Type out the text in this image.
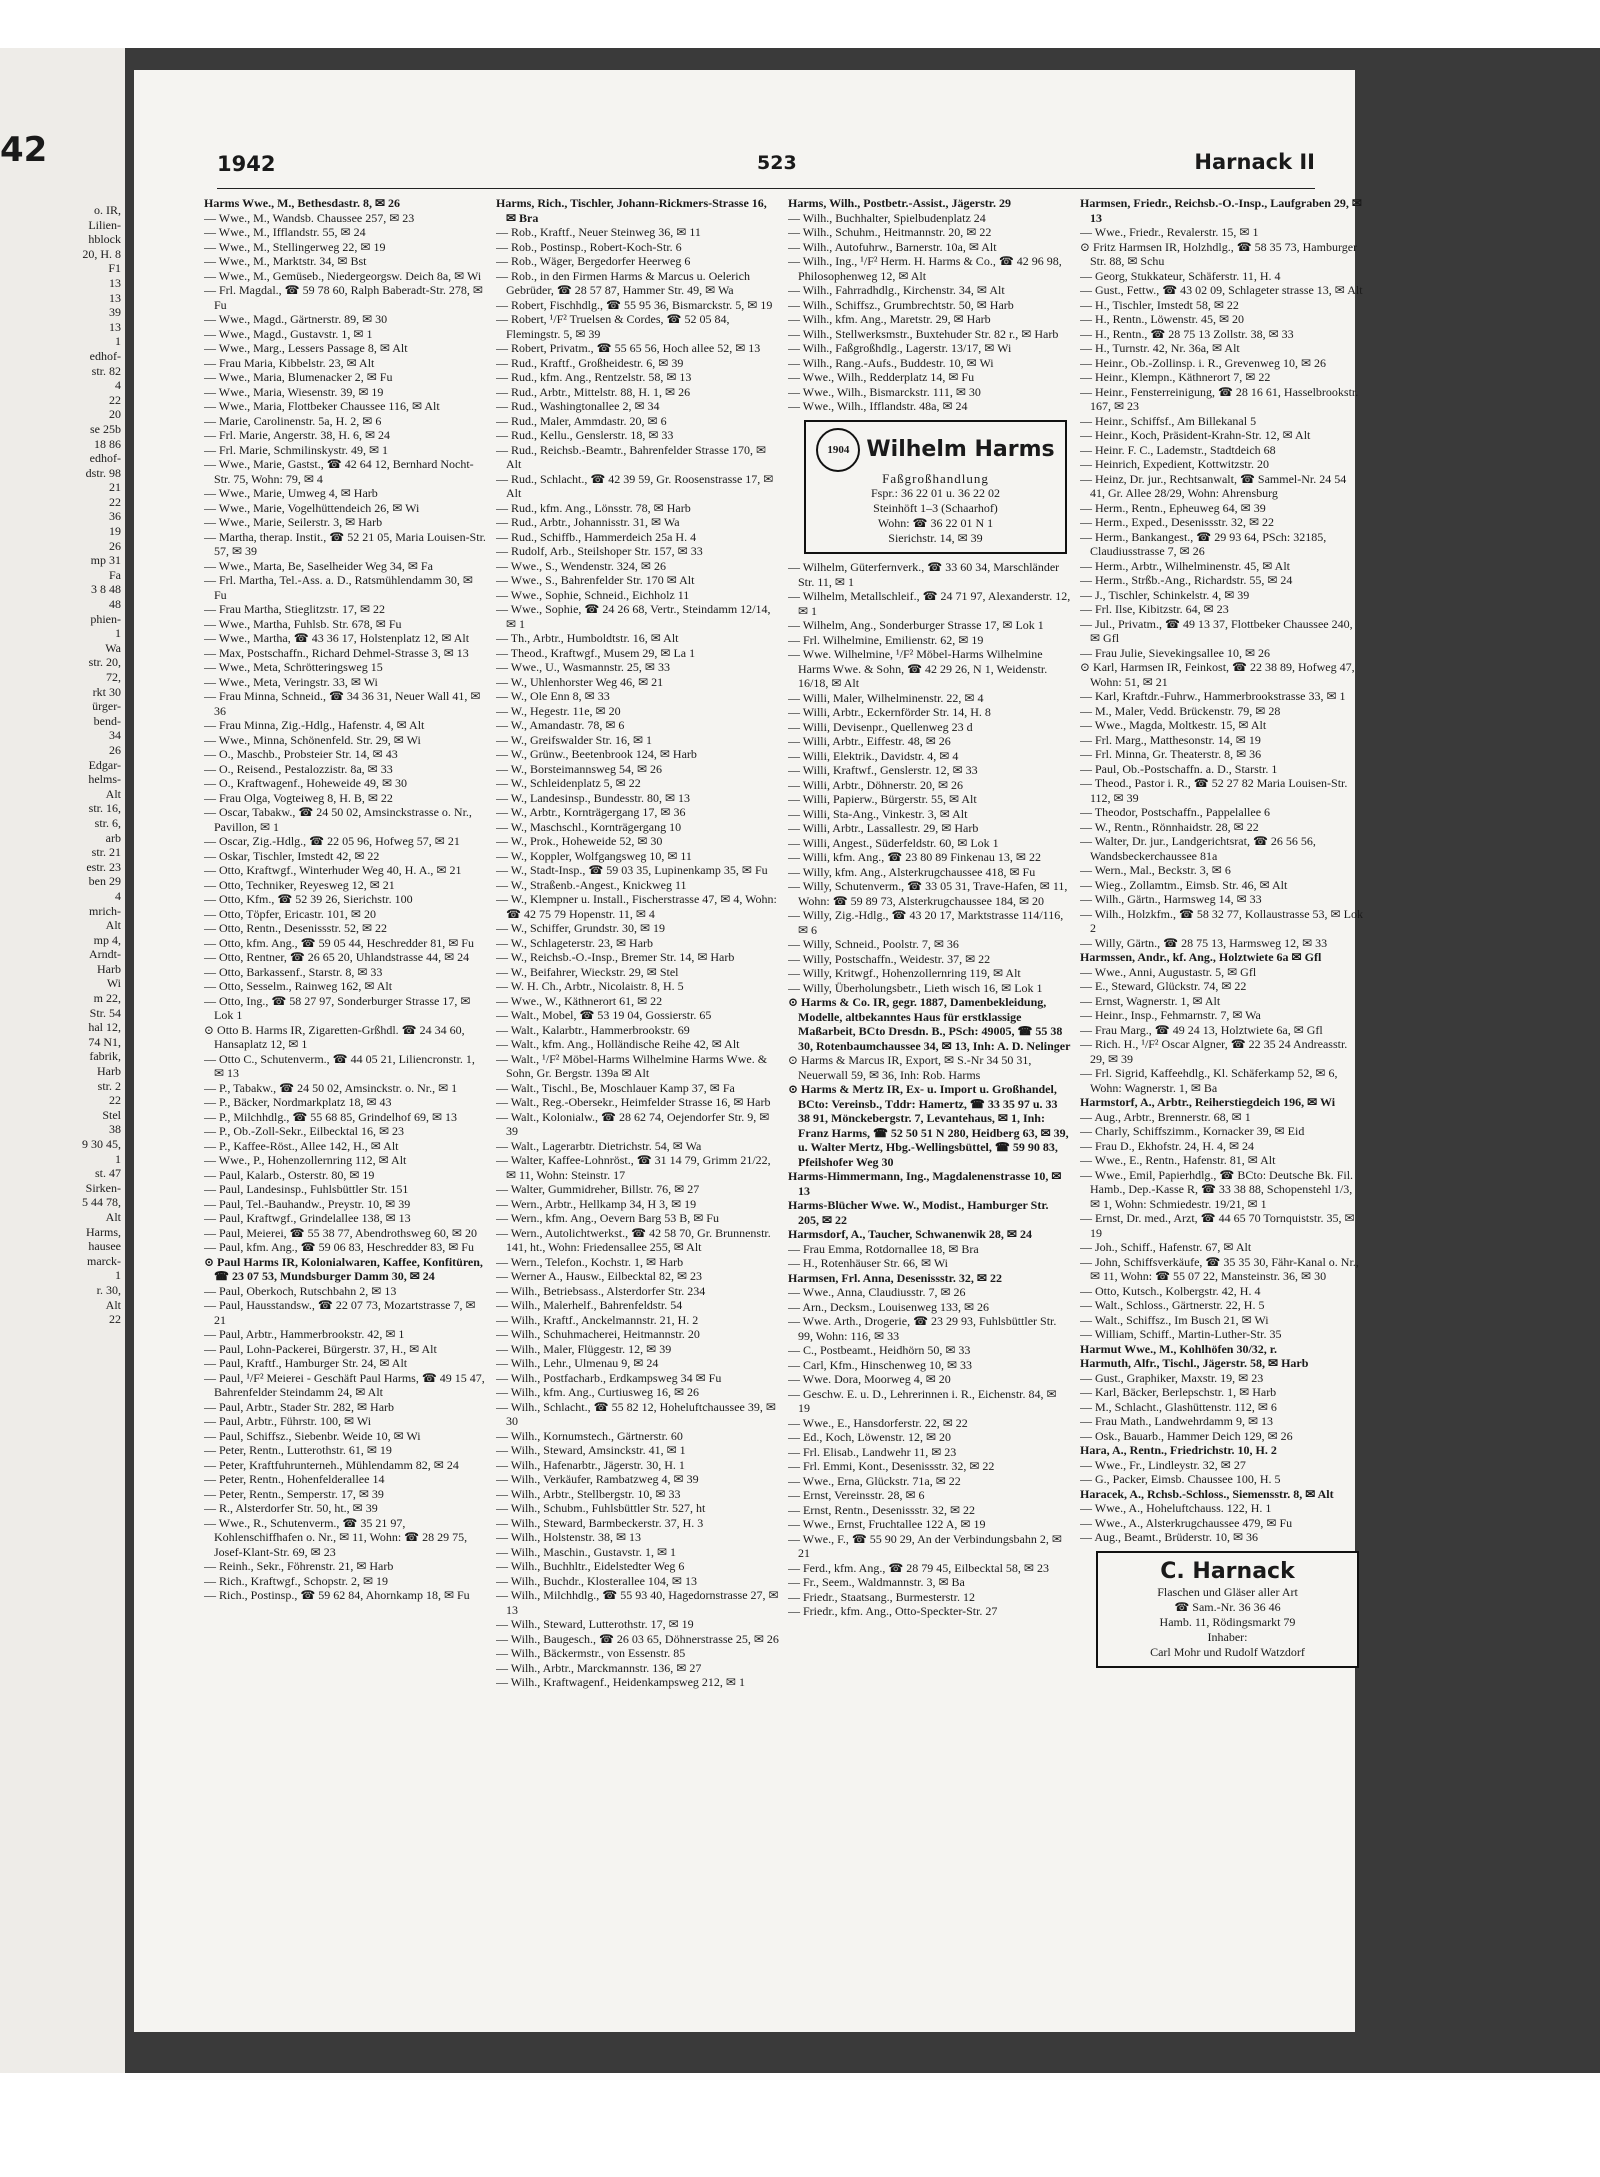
42
o. IR,
Lilien-
hblock
20, H. 8
F1
13
13
39
13
1
edhof-
str. 82
4
22
20
se 25b
18 86
edhof-
dstr. 98
21
22
36
19
26
mp 31
Fa
3 8 48
48
phien-
1
Wa
str. 20,
72,
rkt 30
ürger-
bend-
34
26
Edgar-
helms-
Alt
str. 16,
str. 6,
arb
str. 21
estr. 23
ben 29
4
mrich-
Alt
mp 4,
Arndt-
Harb
Wi
m 22,
Str. 54
hal 12,
74 N1,
fabrik,
Harb
str. 2
22
Stel
38
9 30 45,
1
st. 47
Sirken-
5 44 78,
Alt
Harms,
hausee
marck-
1
r. 30,
Alt
22
1942	523	Harnack II

Harms Wwe., M., Bethesdastr. 8, ✉ 26

— Wwe., M., Wandsb. Chaussee 257, ✉ 23

— Wwe., M., Ifflandstr. 55, ✉ 24

— Wwe., M., Stellingerweg 22, ✉ 19

— Wwe., M., Marktstr. 34, ✉ Bst

— Wwe., M., Gemüseb., Niedergeorgsw. Deich 8a, ✉ Wi

— Frl. Magdal., ☎ 59 78 60, Ralph Baberadt-Str. 278, ✉ Fu

— Wwe., Magd., Gärtnerstr. 89, ✉ 30

— Wwe., Magd., Gustavstr. 1, ✉ 1

— Wwe., Marg., Lessers Passage 8, ✉ Alt

— Frau Maria, Kibbelstr. 23, ✉ Alt

— Wwe., Maria, Blumenacker 2, ✉ Fu

— Wwe., Maria, Wiesenstr. 39, ✉ 19

— Wwe., Maria, Flottbeker Chaussee 116, ✉ Alt

— Marie, Carolinenstr. 5a, H. 2, ✉ 6

— Frl. Marie, Angerstr. 38, H. 6, ✉ 24

— Frl. Marie, Schmilinskystr. 49, ✉ 1

— Wwe., Marie, Gastst., ☎ 42 64 12, Bernhard Nocht-Str. 75, Wohn: 79, ✉ 4

— Wwe., Marie, Umweg 4, ✉ Harb

— Wwe., Marie, Vogelhüttendeich 26, ✉ Wi

— Wwe., Marie, Seilerstr. 3, ✉ Harb

— Martha, therap. Instit., ☎ 52 21 05, Maria Louisen-Str. 57, ✉ 39

— Wwe., Marta, Be, Saselheider Weg 34, ✉ Fa

— Frl. Martha, Tel.-Ass. a. D., Ratsmühlendamm 30, ✉ Fu

— Frau Martha, Stieglitzstr. 17, ✉ 22

— Wwe., Martha, Fuhlsb. Str. 678, ✉ Fu

— Wwe., Martha, ☎ 43 36 17, Holstenplatz 12, ✉ Alt

— Max, Postschaffn., Richard Dehmel-Strasse 3, ✉ 13

— Wwe., Meta, Schrötteringsweg 15

— Wwe., Meta, Veringstr. 33, ✉ Wi

— Frau Minna, Schneid., ☎ 34 36 31, Neuer Wall 41, ✉ 36

— Frau Minna, Zig.-Hdlg., Hafenstr. 4, ✉ Alt

— Wwe., Minna, Schönenfeld. Str. 29, ✉ Wi

— O., Maschb., Probsteier Str. 14, ✉ 43

— O., Reisend., Pestalozzistr. 8a, ✉ 33

— O., Kraftwagenf., Hoheweide 49, ✉ 30

— Frau Olga, Vogteiweg 8, H. B, ✉ 22

— Oscar, Tabakw., ☎ 24 50 02, Amsinckstrasse o. Nr., Pavillon, ✉ 1

— Oscar, Zig.-Hdlg., ☎ 22 05 96, Hofweg 57, ✉ 21

— Oskar, Tischler, Imstedt 42, ✉ 22

— Otto, Kraftwgf., Winterhuder Weg 40, H. A., ✉ 21

— Otto, Techniker, Reyesweg 12, ✉ 21

— Otto, Kfm., ☎ 52 39 26, Sierichstr. 100

— Otto, Töpfer, Ericastr. 101, ✉ 20

— Otto, Rentn., Desenissstr. 52, ✉ 22

— Otto, kfm. Ang., ☎ 59 05 44, Heschredder 81, ✉ Fu

— Otto, Rentner, ☎ 26 65 20, Uhlandstrasse 44, ✉ 24

— Otto, Barkassenf., Starstr. 8, ✉ 33

— Otto, Sesselm., Rainweg 162, ✉ Alt

— Otto, Ing., ☎ 58 27 97, Sonderburger Strasse 17, ✉ Lok 1

⊙ Otto B. Harms IR, Zigaretten-Grßhdl. ☎ 24 34 60, Hansaplatz 12, ✉ 1

— Otto C., Schutenverm., ☎ 44 05 21, Liliencronstr. 1, ✉ 13

— P., Tabakw., ☎ 24 50 02, Amsinckstr. o. Nr., ✉ 1

— P., Bäcker, Nordmarkplatz 18, ✉ 43

— P., Milchhdlg., ☎ 55 68 85, Grindelhof 69, ✉ 13

— P., Ob.-Zoll-Sekr., Eilbecktal 16, ✉ 23

— P., Kaffee-Röst., Allee 142, H., ✉ Alt

— Wwe., P., Hohenzollernring 112, ✉ Alt

— Paul, Kalarb., Osterstr. 80, ✉ 19

— Paul, Landesinsp., Fuhlsbüttler Str. 151

— Paul, Tel.-Bauhandw., Preystr. 10, ✉ 39

— Paul, Kraftwgf., Grindelallee 138, ✉ 13

— Paul, Meierei, ☎ 55 38 77, Abendrothsweg 60, ✉ 20

— Paul, kfm. Ang., ☎ 59 06 83, Heschredder 83, ✉ Fu

⊙ Paul Harms IR, Kolonialwaren, Kaffee, Konfitüren, ☎ 23 07 53, Mundsburger Damm 30, ✉ 24

— Paul, Oberkoch, Rutschbahn 2, ✉ 13

— Paul, Hausstandsw., ☎ 22 07 73, Mozartstrasse 7, ✉ 21

— Paul, Arbtr., Hammerbrookstr. 42, ✉ 1

— Paul, Lohn-Packerei, Bürgerstr. 37, H., ✉ Alt

— Paul, Kraftf., Hamburger Str. 24, ✉ Alt

— Paul, ¹/F² Meierei - Geschäft Paul Harms, ☎ 49 15 47, Bahrenfelder Steindamm 24, ✉ Alt

— Paul, Arbtr., Stader Str. 282, ✉ Harb

— Paul, Arbtr., Führstr. 100, ✉ Wi

— Paul, Schiffsz., Siebenbr. Weide 10, ✉ Wi

— Peter, Rentn., Lutterothstr. 61, ✉ 19

— Peter, Kraftfuhrunterneh., Mühlendamm 82, ✉ 24

— Peter, Rentn., Hohenfelderallee 14

— Peter, Rentn., Semperstr. 17, ✉ 39

— R., Alsterdorfer Str. 50, ht., ✉ 39

— Wwe., R., Schutenverm., ☎ 35 21 97, Kohlenschiffhafen o. Nr., ✉ 11, Wohn: ☎ 28 29 75, Josef-Klant-Str. 69, ✉ 23

— Reinh., Sekr., Föhrenstr. 21, ✉ Harb

— Rich., Kraftwgf., Schopstr. 2, ✉ 19

— Rich., Postinsp., ☎ 59 62 84, Ahornkamp 18, ✉ Fu

Harms, Rich., Tischler, Johann-Rickmers-Strasse 16, ✉ Bra

— Rob., Kraftf., Neuer Steinweg 36, ✉ 11

— Rob., Postinsp., Robert-Koch-Str. 6

— Rob., Wäger, Bergedorfer Heerweg 6

— Rob., in den Firmen Harms & Marcus u. Oelerich Gebrüder, ☎ 28 57 87, Hammer Str. 49, ✉ Wa

— Robert, Fischhdlg., ☎ 55 95 36, Bismarckstr. 5, ✉ 19

— Robert, ¹/F² Truelsen & Cordes, ☎ 52 05 84, Flemingstr. 5, ✉ 39

— Robert, Privatm., ☎ 55 65 56, Hoch allee 52, ✉ 13

— Rud., Kraftf., Großheidestr. 6, ✉ 39

— Rud., kfm. Ang., Rentzelstr. 58, ✉ 13

— Rud., Arbtr., Mittelstr. 88, H. 1, ✉ 26

— Rud., Washingtonallee 2, ✉ 34

— Rud., Maler, Ammdastr. 20, ✉ 6

— Rud., Kellu., Genslerstr. 18, ✉ 33

— Rud., Reichsb.-Beamtr., Bahrenfelder Strasse 170, ✉ Alt

— Rud., Schlacht., ☎ 42 39 59, Gr. Roosenstrasse 17, ✉ Alt

— Rud., kfm. Ang., Lönsstr. 78, ✉ Harb

— Rud., Arbtr., Johannisstr. 31, ✉ Wa

— Rud., Schiffb., Hammerdeich 25a H. 4

— Rudolf, Arb., Steilshoper Str. 157, ✉ 33

— Wwe., S., Wendenstr. 324, ✉ 26

— Wwe., S., Bahrenfelder Str. 170 ✉ Alt

— Wwe., Sophie, Schneid., Eichholz 11

— Wwe., Sophie, ☎ 24 26 68, Vertr., Steindamm 12/14, ✉ 1

— Th., Arbtr., Humboldtstr. 16, ✉ Alt

— Theod., Kraftwgf., Musem 29, ✉ La 1

— Wwe., U., Wasmannstr. 25, ✉ 33

— W., Uhlenhorster Weg 46, ✉ 21

— W., Ole Enn 8, ✉ 33

— W., Hegestr. 11e, ✉ 20

— W., Amandastr. 78, ✉ 6

— W., Greifswalder Str. 16, ✉ 1

— W., Grünw., Beetenbrook 124, ✉ Harb

— W., Borsteimannsweg 54, ✉ 26

— W., Schleidenplatz 5, ✉ 22

— W., Landesinsp., Bundesstr. 80, ✉ 13

— W., Arbtr., Kornträgergang 17, ✉ 36

— W., Maschschl., Kornträgergang 10

— W., Prok., Hoheweide 52, ✉ 30

— W., Koppler, Wolfgangsweg 10, ✉ 11

— W., Stadt-Insp., ☎ 59 03 35, Lupinenkamp 35, ✉ Fu

— W., Straßenb.-Angest., Knickweg 11

— W., Klempner u. Install., Fischerstrasse 47, ✉ 4, Wohn: ☎ 42 75 79 Hopenstr. 11, ✉ 4

— W., Schiffer, Grundstr. 30, ✉ 19

— W., Schlageterstr. 23, ✉ Harb

— W., Reichsb.-O.-Insp., Bremer Str. 14, ✉ Harb

— W., Beifahrer, Wieckstr. 29, ✉ Stel

— W. H. Ch., Arbtr., Nicolaistr. 8, H. 5

— Wwe., W., Käthnerort 61, ✉ 22

— Walt., Mobel, ☎ 53 19 04, Gossierstr. 65

— Walt., Kalarbtr., Hammerbrookstr. 69

— Walt., kfm. Ang., Holländische Reihe 42, ✉ Alt

— Walt., ¹/F² Möbel-Harms Wilhelmine Harms Wwe. & Sohn, Gr. Bergstr. 139a ✉ Alt

— Walt., Tischl., Be, Moschlauer Kamp 37, ✉ Fa

— Walt., Reg.-Obersekr., Heimfelder Strasse 16, ✉ Harb

— Walt., Kolonialw., ☎ 28 62 74, Oejendorfer Str. 9, ✉ 39

— Walt., Lagerarbtr. Dietrichstr. 54, ✉ Wa

— Walter, Kaffee-Lohnröst., ☎ 31 14 79, Grimm 21/22, ✉ 11, Wohn: Steinstr. 17

— Walter, Gummidreher, Billstr. 76, ✉ 27

— Wern., Arbtr., Hellkamp 34, H 3, ✉ 19

— Wern., kfm. Ang., Oevern Barg 53 B, ✉ Fu

— Wern., Autolichtwerkst., ☎ 42 58 70, Gr. Brunnenstr. 141, ht., Wohn: Friedensallee 255, ✉ Alt

— Wern., Telefon., Kochstr. 1, ✉ Harb

— Werner A., Hausw., Eilbecktal 82, ✉ 23

— Wilh., Betriebsass., Alsterdorfer Str. 234

— Wilh., Malerhelf., Bahrenfeldstr. 54

— Wilh., Kraftf., Anckelmannstr. 21, H. 2

— Wilh., Schuhmacherei, Heitmannstr. 20

— Wilh., Maler, Flüggestr. 12, ✉ 39

— Wilh., Lehr., Ulmenau 9, ✉ 24

— Wilh., Postfacharb., Erdkampsweg 34 ✉ Fu

— Wilh., kfm. Ang., Curtiusweg 16, ✉ 26

— Wilh., Schlacht., ☎ 55 82 12, Hoheluftchaussee 39, ✉ 30

— Wilh., Kornumstech., Gärtnerstr. 60

— Wilh., Steward, Amsinckstr. 41, ✉ 1

— Wilh., Hafenarbtr., Jägerstr. 30, H. 1

— Wilh., Verkäufer, Rambatzweg 4, ✉ 39

— Wilh., Arbtr., Stellbergstr. 10, ✉ 33

— Wilh., Schubm., Fuhlsbüttler Str. 527, ht

— Wilh., Steward, Barmbeckerstr. 37, H. 3

— Wilh., Holstenstr. 38, ✉ 13

— Wilh., Maschin., Gustavstr. 1, ✉ 1

— Wilh., Buchhltr., Eidelstedter Weg 6

— Wilh., Buchdr., Klosterallee 104, ✉ 13

— Wilh., Milchhdlg., ☎ 55 93 40, Hagedornstrasse 27, ✉ 13

— Wilh., Steward, Lutterothstr. 17, ✉ 19

— Wilh., Baugesch., ☎ 26 03 65, Döhnerstrasse 25, ✉ 26

— Wilh., Bäckermstr., von Essenstr. 85

— Wilh., Arbtr., Marckmannstr. 136, ✉ 27

— Wilh., Kraftwagenf., Heidenkampsweg 212, ✉ 1

Harms, Wilh., Postbetr.-Assist., Jägerstr. 29

— Wilh., Buchhalter, Spielbudenplatz 24

— Wilh., Schuhm., Heitmannstr. 20, ✉ 22

— Wilh., Autofuhrw., Barnerstr. 10a, ✉ Alt

— Wilh., Ing., ¹/F² Herm. H. Harms & Co., ☎ 42 96 98, Philosophenweg 12, ✉ Alt

— Wilh., Fahrradhdlg., Kirchenstr. 34, ✉ Alt

— Wilh., Schiffsz., Grumbrechtstr. 50, ✉ Harb

— Wilh., kfm. Ang., Maretstr. 29, ✉ Harb

— Wilh., Stellwerksmstr., Buxtehuder Str. 82 r., ✉ Harb

— Wilh., Faßgroßhdlg., Lagerstr. 13/17, ✉ Wi

— Wilh., Rang.-Aufs., Buddestr. 10, ✉ Wi

— Wwe., Wilh., Redderplatz 14, ✉ Fu

— Wwe., Wilh., Bismarckstr. 111, ✉ 30

— Wwe., Wilh., Ifflandstr. 48a, ✉ 24

1904 Wilhelm Harms
Faßgroßhandlung
Fspr.: 36 22 01 u. 36 22 02
Steinhöft 1–3 (Schaarhof)
Wohn: ☎ 36 22 01 N 1
Sierichstr. 14, ✉ 39

— Wilhelm, Güterfernverk., ☎ 33 60 34, Marschländer Str. 11, ✉ 1

— Wilhelm, Metallschleif., ☎ 24 71 97, Alexanderstr. 12, ✉ 1

— Wilhelm, Ang., Sonderburger Strasse 17, ✉ Lok 1

— Frl. Wilhelmine, Emilienstr. 62, ✉ 19

— Wwe. Wilhelmine, ¹/F² Möbel-Harms Wilhelmine Harms Wwe. & Sohn, ☎ 42 29 26, N 1, Weidenstr. 16/18, ✉ Alt

— Willi, Maler, Wilhelminenstr. 22, ✉ 4

— Willi, Arbtr., Eckernförder Str. 14, H. 8

— Willi, Devisenpr., Quellenweg 23 d

— Willi, Arbtr., Eiffestr. 48, ✉ 26

— Willi, Elektrik., Davidstr. 4, ✉ 4

— Willi, Kraftwf., Genslerstr. 12, ✉ 33

— Willi, Arbtr., Döhnerstr. 20, ✉ 26

— Willi, Papierw., Bürgerstr. 55, ✉ Alt

— Willi, Sta-Ang., Vinkestr. 3, ✉ Alt

— Willi, Arbtr., Lassallestr. 29, ✉ Harb

— Willi, Angest., Süderfeldstr. 60, ✉ Lok 1

— Willi, kfm. Ang., ☎ 23 80 89 Finkenau 13, ✉ 22

— Willy, kfm. Ang., Alsterkrugchaussee 418, ✉ Fu

— Willy, Schutenverm., ☎ 33 05 31, Trave-Hafen, ✉ 11, Wohn: ☎ 59 89 73, Alsterkrugchaussee 184, ✉ 20

— Willy, Zig.-Hdlg., ☎ 43 20 17, Marktstrasse 114/116, ✉ 6

— Willy, Schneid., Poolstr. 7, ✉ 36

— Willy, Postschaffn., Weidestr. 37, ✉ 22

— Willy, Kritwgf., Hohenzollernring 119, ✉ Alt

— Willy, Überholungsbetr., Lieth wisch 16, ✉ Lok 1

⊙ Harms & Co. IR, gegr. 1887, Damenbekleidung, Modelle, altbekanntes Haus für erstklassige Maßarbeit, BCto Dresdn. B., PSch: 49005, ☎ 55 38 30, Rotenbaumchaussee 34, ✉ 13, Inh: A. D. Nelinger

⊙ Harms & Marcus IR, Export, ✉ S.-Nr 34 50 31, Neuerwall 59, ✉ 36, Inh: Rob. Harms

⊙ Harms & Mertz IR, Ex- u. Import u. Großhandel, BCto: Vereinsb., Tddr: Hamertz, ☎ 33 35 97 u. 33 38 91, Mönckebergstr. 7, Levantehaus, ✉ 1, Inh: Franz Harms, ☎ 52 50 51 N 280, Heidberg 63, ✉ 39, u. Walter Mertz, Hbg.-Wellingsbüttel, ☎ 59 90 83, Pfeilshofer Weg 30

Harms-Himmermann, Ing., Magdalenenstrasse 10, ✉ 13

Harms-Blücher Wwe. W., Modist., Hamburger Str. 205, ✉ 22

Harmsdorf, A., Taucher, Schwanenwik 28, ✉ 24

— Frau Emma, Rotdornallee 18, ✉ Bra

— H., Rotenhäuser Str. 66, ✉ Wi

Harmsen, Frl. Anna, Desenissstr. 32, ✉ 22

— Wwe., Anna, Claudiusstr. 7, ✉ 26

— Arn., Decksm., Louisenweg 133, ✉ 26

— Wwe. Arth., Drogerie, ☎ 23 29 93, Fuhlsbüttler Str. 99, Wohn: 116, ✉ 33

— C., Postbeamt., Heidhörn 50, ✉ 33

— Carl, Kfm., Hinschenweg 10, ✉ 33

— Wwe. Dora, Moorweg 4, ✉ 20

— Geschw. E. u. D., Lehrerinnen i. R., Eichenstr. 84, ✉ 19

— Wwe., E., Hansdorferstr. 22, ✉ 22

— Ed., Koch, Löwenstr. 12, ✉ 20

— Frl. Elisab., Landwehr 11, ✉ 23

— Frl. Emmi, Kont., Desenissstr. 32, ✉ 22

— Wwe., Erna, Glückstr. 71a, ✉ 22

— Ernst, Vereinsstr. 28, ✉ 6

— Ernst, Rentn., Desenissstr. 32, ✉ 22

— Wwe., Ernst, Fruchtallee 122 A, ✉ 19

— Wwe., F., ☎ 55 90 29, An der Verbindungsbahn 2, ✉ 21

— Ferd., kfm. Ang., ☎ 28 79 45, Eilbecktal 58, ✉ 23

— Fr., Seem., Waldmannstr. 3, ✉ Ba

— Friedr., Staatsang., Burmesterstr. 12

— Friedr., kfm. Ang., Otto-Speckter-Str. 27

Harmsen, Friedr., Reichsb.-O.-Insp., Laufgraben 29, ✉ 13

— Wwe., Friedr., Revalerstr. 15, ✉ 1

⊙ Fritz Harmsen IR, Holzhdlg., ☎ 58 35 73, Hamburger Str. 88, ✉ Schu

— Georg, Stukkateur, Schäferstr. 11, H. 4

— Gust., Fettw., ☎ 43 02 09, Schlageter strasse 13, ✉ Alt

— H., Tischler, Imstedt 58, ✉ 22

— H., Rentn., Löwenstr. 45, ✉ 20

— H., Rentn., ☎ 28 75 13 Zollstr. 38, ✉ 33

— H., Turnstr. 42, Nr. 36a, ✉ Alt

— Heinr., Ob.-Zollinsp. i. R., Grevenweg 10, ✉ 26

— Heinr., Klempn., Käthnerort 7, ✉ 22

— Heinr., Fensterreinigung, ☎ 28 16 61, Hasselbrookstr. 167, ✉ 23

— Heinr., Schiffsf., Am Billekanal 5

— Heinr., Koch, Präsident-Krahn-Str. 12, ✉ Alt

— Heinr. F. C., Lademstr., Stadtdeich 68

— Heinrich, Expedient, Kottwitzstr. 20

— Heinz, Dr. jur., Rechtsanwalt, ☎ Sammel-Nr. 24 54 41, Gr. Allee 28/29, Wohn: Ahrensburg

— Herm., Rentn., Epheuweg 64, ✉ 39

— Herm., Exped., Desenissstr. 32, ✉ 22

— Herm., Bankangest., ☎ 29 93 64, PSch: 32185, Claudiusstrasse 7, ✉ 26

— Herm., Arbtr., Wilhelminenstr. 45, ✉ Alt

— Herm., Strßb.-Ang., Richardstr. 55, ✉ 24

— J., Tischler, Schinkelstr. 4, ✉ 39

— Frl. Ilse, Kibitzstr. 64, ✉ 23

— Jul., Privatm., ☎ 49 13 37, Flottbeker Chaussee 240, ✉ Gfl

— Frau Julie, Sievekingsallee 10, ✉ 26

⊙ Karl, Harmsen IR, Feinkost, ☎ 22 38 89, Hofweg 47, Wohn: 51, ✉ 21

— Karl, Kraftdr.-Fuhrw., Hammerbrookstrasse 33, ✉ 1

— M., Maler, Vedd. Brückenstr. 79, ✉ 28

— Wwe., Magda, Moltkestr. 15, ✉ Alt

— Frl. Marg., Matthesonstr. 14, ✉ 19

— Frl. Minna, Gr. Theaterstr. 8, ✉ 36

— Paul, Ob.-Postschaffn. a. D., Starstr. 1

— Theod., Pastor i. R., ☎ 52 27 82 Maria Louisen-Str. 112, ✉ 39

— Theodor, Postschaffn., Pappelallee 6

— W., Rentn., Rönnhaidstr. 28, ✉ 22

— Walter, Dr. jur., Landgerichtsrat, ☎ 26 56 56, Wandsbeckerchaussee 81a

— Wern., Mal., Beckstr. 3, ✉ 6

— Wieg., Zollamtm., Eimsb. Str. 46, ✉ Alt

— Wilh., Gärtn., Harmsweg 14, ✉ 33

— Wilh., Holzkfm., ☎ 58 32 77, Kollaustrasse 53, ✉ Lok 2

— Willy, Gärtn., ☎ 28 75 13, Harmsweg 12, ✉ 33

Harmssen, Andr., kf. Ang., Holztwiete 6a ✉ Gfl

— Wwe., Anni, Augustastr. 5, ✉ Gfl

— E., Steward, Glückstr. 74, ✉ 22

— Ernst, Wagnerstr. 1, ✉ Alt

— Heinr., Insp., Fehmarnstr. 7, ✉ Wa

— Frau Marg., ☎ 49 24 13, Holztwiete 6a, ✉ Gfl

— Rich. H., ¹/F² Oscar Algner, ☎ 22 35 24 Andreasstr. 29, ✉ 39

— Frl. Sigrid, Kaffeehdlg., Kl. Schäferkamp 52, ✉ 6, Wohn: Wagnerstr. 1, ✉ Ba

Harmstorf, A., Arbtr., Reiherstiegdeich 196, ✉ Wi

— Aug., Arbtr., Brennerstr. 68, ✉ 1

— Charly, Schiffszimm., Kornacker 39, ✉ Eid

— Frau D., Ekhofstr. 24, H. 4, ✉ 24

— Wwe., E., Rentn., Hafenstr. 81, ✉ Alt

— Wwe., Emil, Papierhdlg., ☎ BCto: Deutsche Bk. Fil. Hamb., Dep.-Kasse R, ☎ 33 38 88, Schopenstehl 1/3, ✉ 1, Wohn: Schmiedestr. 19/21, ✉ 1

— Ernst, Dr. med., Arzt, ☎ 44 65 70 Tornquiststr. 35, ✉ 19

— Joh., Schiff., Hafenstr. 67, ✉ Alt

— John, Schiffsverkäufe, ☎ 35 35 30, Fähr-Kanal o. Nr., ✉ 11, Wohn: ☎ 55 07 22, Mansteinstr. 36, ✉ 30

— Otto, Kutsch., Kolbergstr. 42, H. 4

— Walt., Schloss., Gärtnerstr. 22, H. 5

— Walt., Schiffsz., Im Busch 21, ✉ Wi

— William, Schiff., Martin-Luther-Str. 35

Harmut Wwe., M., Kohlhöfen 30/32, r.

Harmuth, Alfr., Tischl., Jägerstr. 58, ✉ Harb

— Gust., Graphiker, Maxstr. 19, ✉ 23

— Karl, Bäcker, Berlepschstr. 1, ✉ Harb

— M., Schlacht., Glashüttenstr. 112, ✉ 6

— Frau Math., Landwehrdamm 9, ✉ 13

— Osk., Bauarb., Hammer Deich 129, ✉ 26

Hara, A., Rentn., Friedrichstr. 10, H. 2

— Wwe., Fr., Lindleystr. 32, ✉ 27

— G., Packer, Eimsb. Chaussee 100, H. 5

Haracek, A., Rchsb.-Schloss., Siemensstr. 8, ✉ Alt

— Wwe., A., Hoheluftchauss. 122, H. 1

— Wwe., A., Alsterkrugchaussee 479, ✉ Fu

— Aug., Beamt., Brüderstr. 10, ✉ 36

C. Harnack
Flaschen und Gläser aller Art
☎ Sam.-Nr. 36 36 46
Hamb. 11, Rödingsmarkt 79
Inhaber:
Carl Mohr und Rudolf Watzdorf
